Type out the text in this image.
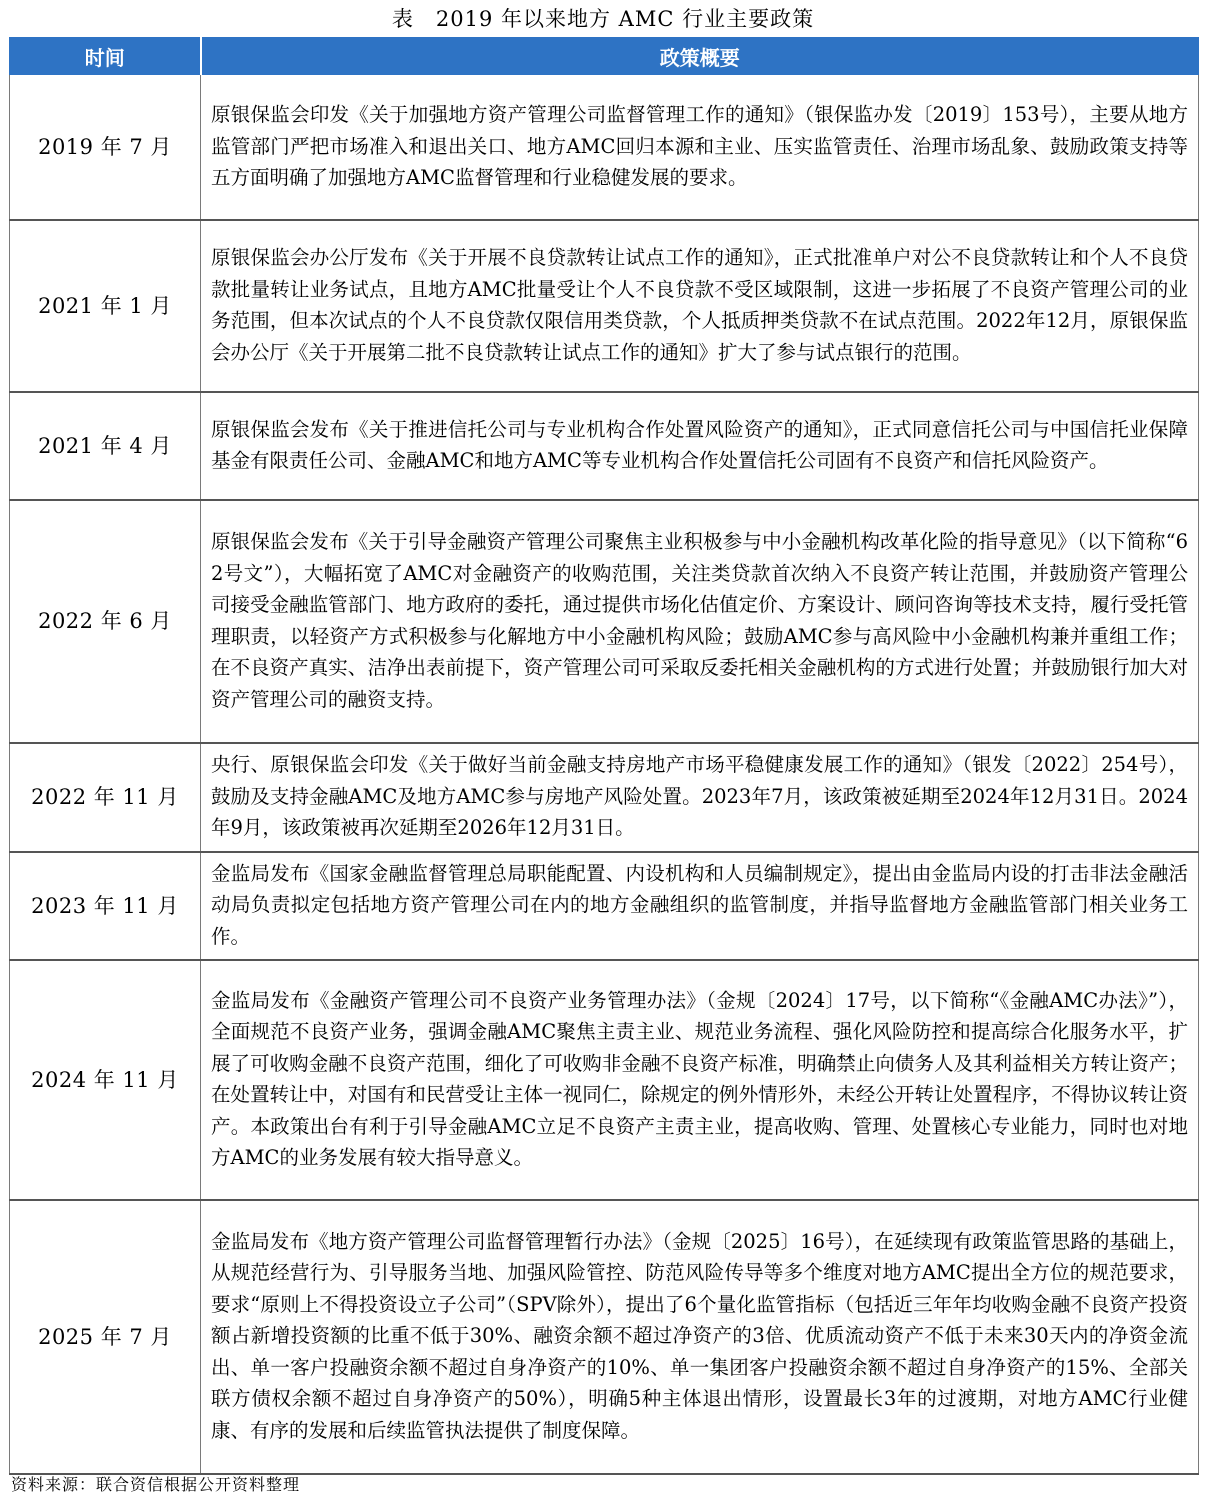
表　2019 年以来地方 AMC 行业主要政策
时间	政策概要
2019 年 7 月	原银保监会印发《关于加强地方资产管理公司监督管理工作的通知》（银保监办发〔2019〕153号），主要从地方监管部门严把市场准入和退出关口、地方AMC回归本源和主业、压实监管责任、治理市场乱象、鼓励政策支持等五方面明确了加强地方AMC监督管理和行业稳健发展的要求。
2021 年 1 月	原银保监会办公厅发布《关于开展不良贷款转让试点工作的通知》，正式批准单户对公不良贷款转让和个人不良贷款批量转让业务试点，且地方AMC批量受让个人不良贷款不受区域限制，这进一步拓展了不良资产管理公司的业务范围，但本次试点的个人不良贷款仅限信用类贷款，个人抵质押类贷款不在试点范围。2022年12月，原银保监会办公厅《关于开展第二批不良贷款转让试点工作的通知》扩大了参与试点银行的范围。
2021 年 4 月	原银保监会发布《关于推进信托公司与专业机构合作处置风险资产的通知》，正式同意信托公司与中国信托业保障基金有限责任公司、金融AMC和地方AMC等专业机构合作处置信托公司固有不良资产和信托风险资产。
2022 年 6 月	原银保监会发布《关于引导金融资产管理公司聚焦主业积极参与中小金融机构改革化险的指导意见》（以下简称“62号文”），大幅拓宽了AMC对金融资产的收购范围，关注类贷款首次纳入不良资产转让范围，并鼓励资产管理公司接受金融监管部门、地方政府的委托，通过提供市场化估值定价、方案设计、顾问咨询等技术支持，履行受托管理职责，以轻资产方式积极参与化解地方中小金融机构风险；鼓励AMC参与高风险中小金融机构兼并重组工作；在不良资产真实、洁净出表前提下，资产管理公司可采取反委托相关金融机构的方式进行处置；并鼓励银行加大对资产管理公司的融资支持。
2022 年 11 月	央行、原银保监会印发《关于做好当前金融支持房地产市场平稳健康发展工作的通知》（银发〔2022〕254号），鼓励及支持金融AMC及地方AMC参与房地产风险处置。2023年7月，该政策被延期至2024年12月31日。2024年9月，该政策被再次延期至2026年12月31日。
2023 年 11 月	金监局发布《国家金融监督管理总局职能配置、内设机构和人员编制规定》，提出由金监局内设的打击非法金融活动局负责拟定包括地方资产管理公司在内的地方金融组织的监管制度，并指导监督地方金融监管部门相关业务工作。
2024 年 11 月	金监局发布《金融资产管理公司不良资产业务管理办法》（金规〔2024〕17号，以下简称“《金融AMC办法》”），全面规范不良资产业务，强调金融AMC聚焦主责主业、规范业务流程、强化风险防控和提高综合化服务水平，扩展了可收购金融不良资产范围，细化了可收购非金融不良资产标准，明确禁止向债务人及其利益相关方转让资产；在处置转让中，对国有和民营受让主体一视同仁，除规定的例外情形外，未经公开转让处置程序，不得协议转让资产。本政策出台有利于引导金融AMC立足不良资产主责主业，提高收购、管理、处置核心专业能力，同时也对地方AMC的业务发展有较大指导意义。
2025 年 7 月	金监局发布《地方资产管理公司监督管理暂行办法》（金规〔2025〕16号），在延续现有政策监管思路的基础上，从规范经营行为、引导服务当地、加强风险管控、防范风险传导等多个维度对地方AMC提出全方位的规范要求，要求“原则上不得投资设立子公司”（SPV除外），提出了6个量化监管指标（包括近三年年均收购金融不良资产投资额占新增投资额的比重不低于30%、融资余额不超过净资产的3倍、优质流动资产不低于未来30天内的净资金流出、单一客户投融资余额不超过自身净资产的10%、单一集团客户投融资余额不超过自身净资产的15%、全部关联方债权余额不超过自身净资产的50%），明确5种主体退出情形，设置最长3年的过渡期，对地方AMC行业健康、有序的发展和后续监管执法提供了制度保障。
资料来源：联合资信根据公开资料整理
